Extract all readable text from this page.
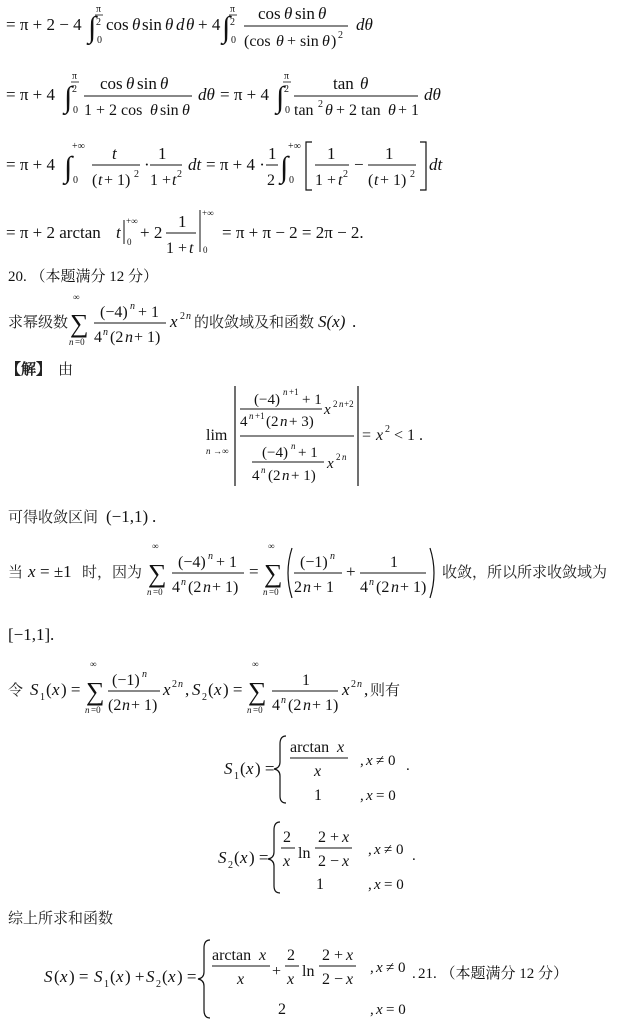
= π + 2 − 4 ∫
π
2
0
cos θ sin θ d θ + 4 ∫
π
2
0
cos θ sin θ
(cos θ + sin θ ) 2
dθ
= π + 4 ∫
π
2
0
cos θ sin θ
1 + 2 cos θ sin θ
dθ = π + 4 ∫
π
2
0
tan θ
tan 2 θ + 2 tan θ + 1
dθ
= π + 4 ∫
+∞
0
t
( t + 1) 2
·
1
1 + t 2
dt = π + 4 ·
1
2 ∫
+∞
0
1
1 + t 2
−
1
( t + 1) 2
dt
= π + 2 arctan t
+∞
0 + 2
1
1 + t
+∞
0
= π + π − 2 = 2π − 2.
20. （本题满分 12 分）
求幂级数
∞
∑
n =0
(−4) n + 1
4 n (2 n + 1)
x 2 n 的收敛域及和函数 S(x) .
【解】 由
lim
n →∞
(−4) n +1 + 1
4 n +1 (2 n + 3)
x 2 n +2
(−4) n + 1
4 n (2 n + 1)
x 2 n
= x 2 < 1 .
可得收敛区间 (−1,1) .
当 x = ±1 时，因为
∞
∑
n =0
(−4) n + 1
4 n (2 n + 1)
=
∞
∑
n =0
(−1) n
2 n + 1
+ 1
4 n (2 n + 1)
收敛，所以所求收敛域为
[−1,1] .
令 S 1 ( x ) =
∞
∑
n =0
(−1) n
(2 n + 1)
x 2 n , S 2 ( x ) =
∞
∑
n =0
1
4 n (2 n + 1)
x 2 n , 则有
S 1 ( x ) =
arctan x
x
, x ≠ 0 .
1	, x = 0
S 2 ( x ) =
2
x ln
2 + x
2 − x
, x ≠ 0 .
1	, x = 0
综上所求和函数
S ( x ) = S 1 ( x ) + S 2 ( x ) =
arctan x
x +
2
x ln
2 + x
2 − x
, x ≠ 0 . 21. （本题满分 12 分）
2	, x = 0
